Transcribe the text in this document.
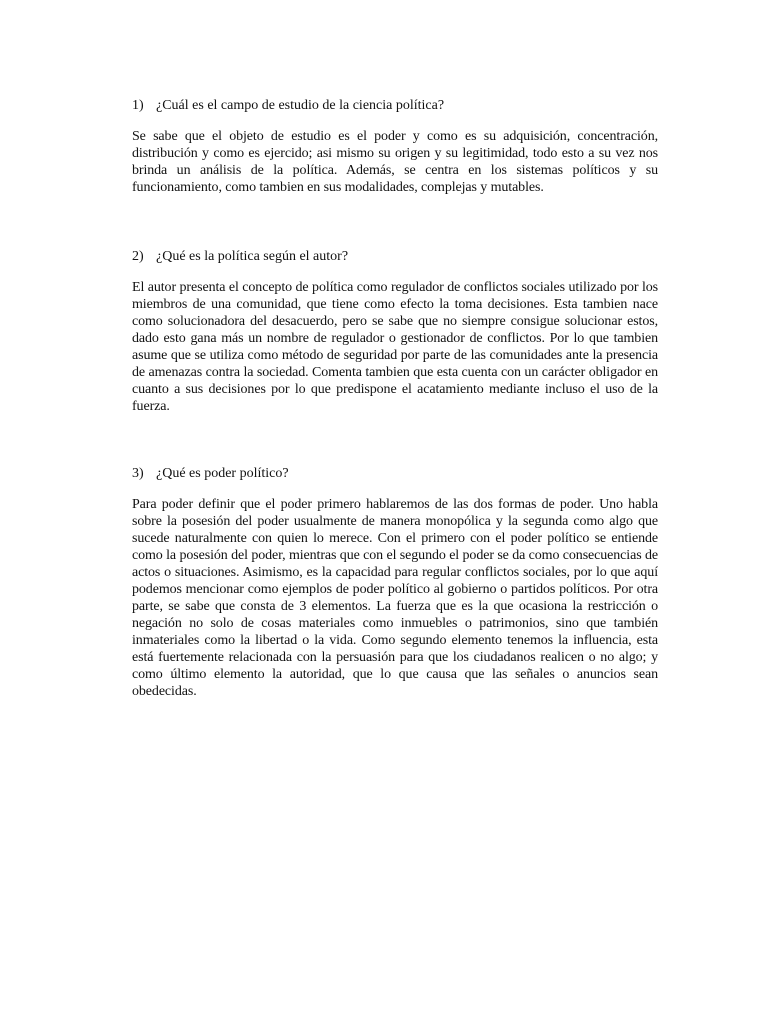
1) ¿Cuál es el campo de estudio de la ciencia política?

Se sabe que el objeto de estudio es el poder y como es su adquisición, concentración, distribución y como es ejercido; asi mismo su origen y su legitimidad, todo esto a su vez nos brinda un análisis de la política. Además, se centra en los sistemas políticos y su funcionamiento, como tambien en sus modalidades, complejas y mutables.

2) ¿Qué es la política según el autor?

El autor presenta el concepto de política como regulador de conflictos sociales utilizado por los miembros de una comunidad, que tiene como efecto la toma decisiones. Esta tambien nace como solucionadora del desacuerdo, pero se sabe que no siempre consigue solucionar estos, dado esto gana más un nombre de regulador o gestionador de conflictos. Por lo que tambien asume que se utiliza como método de seguridad por parte de las comunidades ante la presencia de amenazas contra la sociedad. Comenta tambien que esta cuenta con un carácter obligador en cuanto a sus decisiones por lo que predispone el acatamiento mediante incluso el uso de la fuerza.

3) ¿Qué es poder político?

Para poder definir que el poder primero hablaremos de las dos formas de poder. Uno habla sobre la posesión del poder usualmente de manera monopólica y la segunda como algo que sucede naturalmente con quien lo merece. Con el primero con el poder político se entiende como la posesión del poder, mientras que con el segundo el poder se da como consecuencias de actos o situaciones. Asimismo, es la capacidad para regular conflictos sociales, por lo que aquí podemos mencionar como ejemplos de poder político al gobierno o partidos políticos. Por otra parte, se sabe que consta de 3 elementos. La fuerza que es la que ocasiona la restricción o negación no solo de cosas materiales como inmuebles o patrimonios, sino que también inmateriales como la libertad o la vida. Como segundo elemento tenemos la influencia, esta está fuertemente relacionada con la persuasión para que los ciudadanos realicen o no algo; y como último elemento la autoridad, que lo que causa que las señales o anuncios sean obedecidas.
